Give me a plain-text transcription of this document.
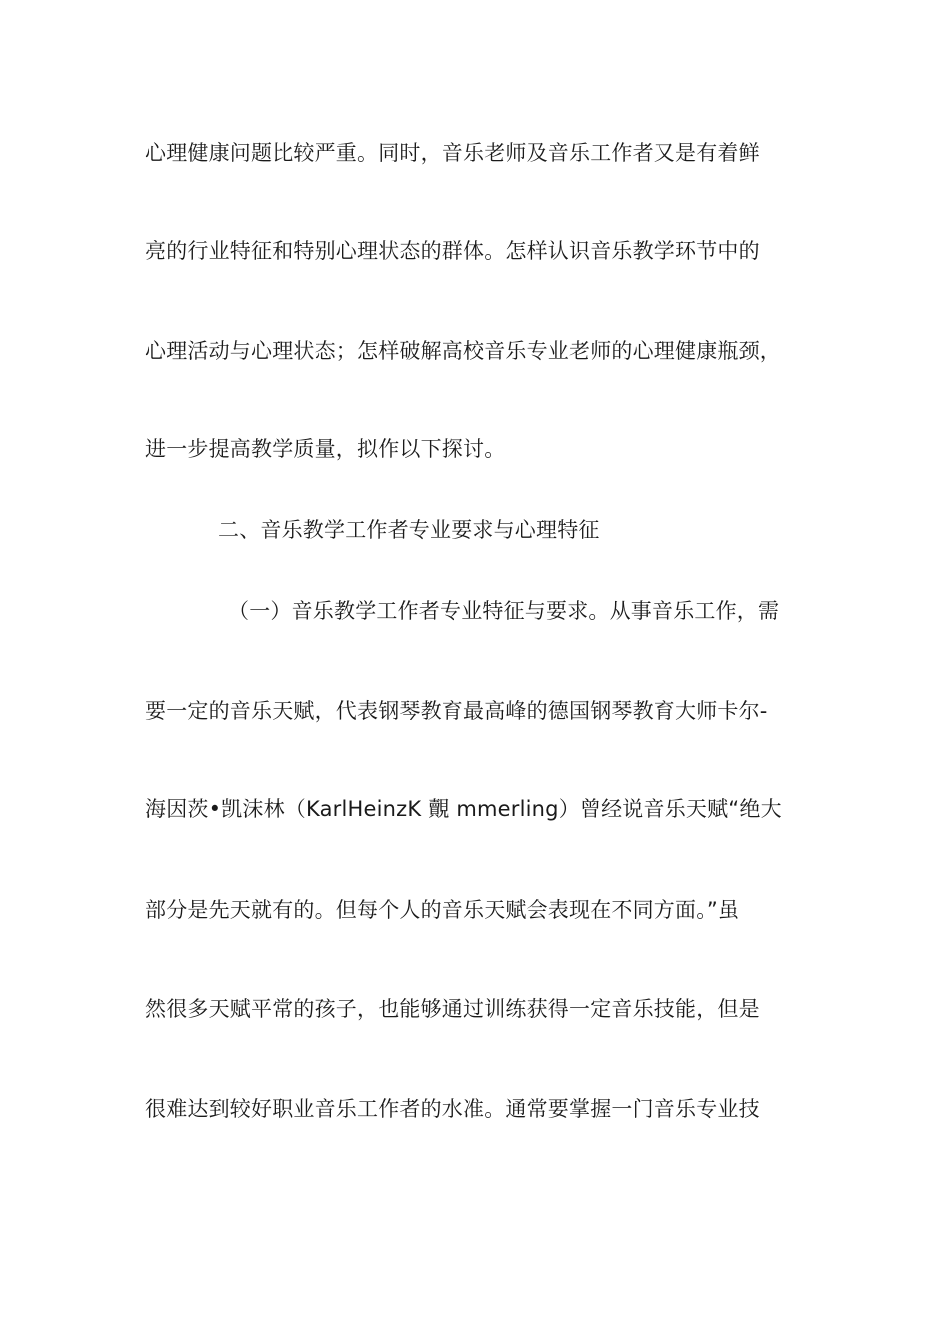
心理健康问题比较严重。同时，音乐老师及音乐工作者又是有着鲜
亮的行业特征和特别心理状态的群体。怎样认识音乐教学环节中的
心理活动与心理状态；怎样破解高校音乐专业老师的心理健康瓶颈，
进一步提高教学质量，拟作以下探讨。
二、音乐教学工作者专业要求与心理特征
（一）音乐教学工作者专业特征与要求。从事音乐工作，需
要一定的音乐天赋，代表钢琴教育最高峰的德国钢琴教育大师卡尔-
海因茨•凯沫林（KarlHeinzK 覿 mmerling）曾经说音乐天赋“绝大
部分是先天就有的。但每个人的音乐天赋会表现在不同方面。”虽
然很多天赋平常的孩子，也能够通过训练获得一定音乐技能，但是
很难达到较好职业音乐工作者的水准。通常要掌握一门音乐专业技
